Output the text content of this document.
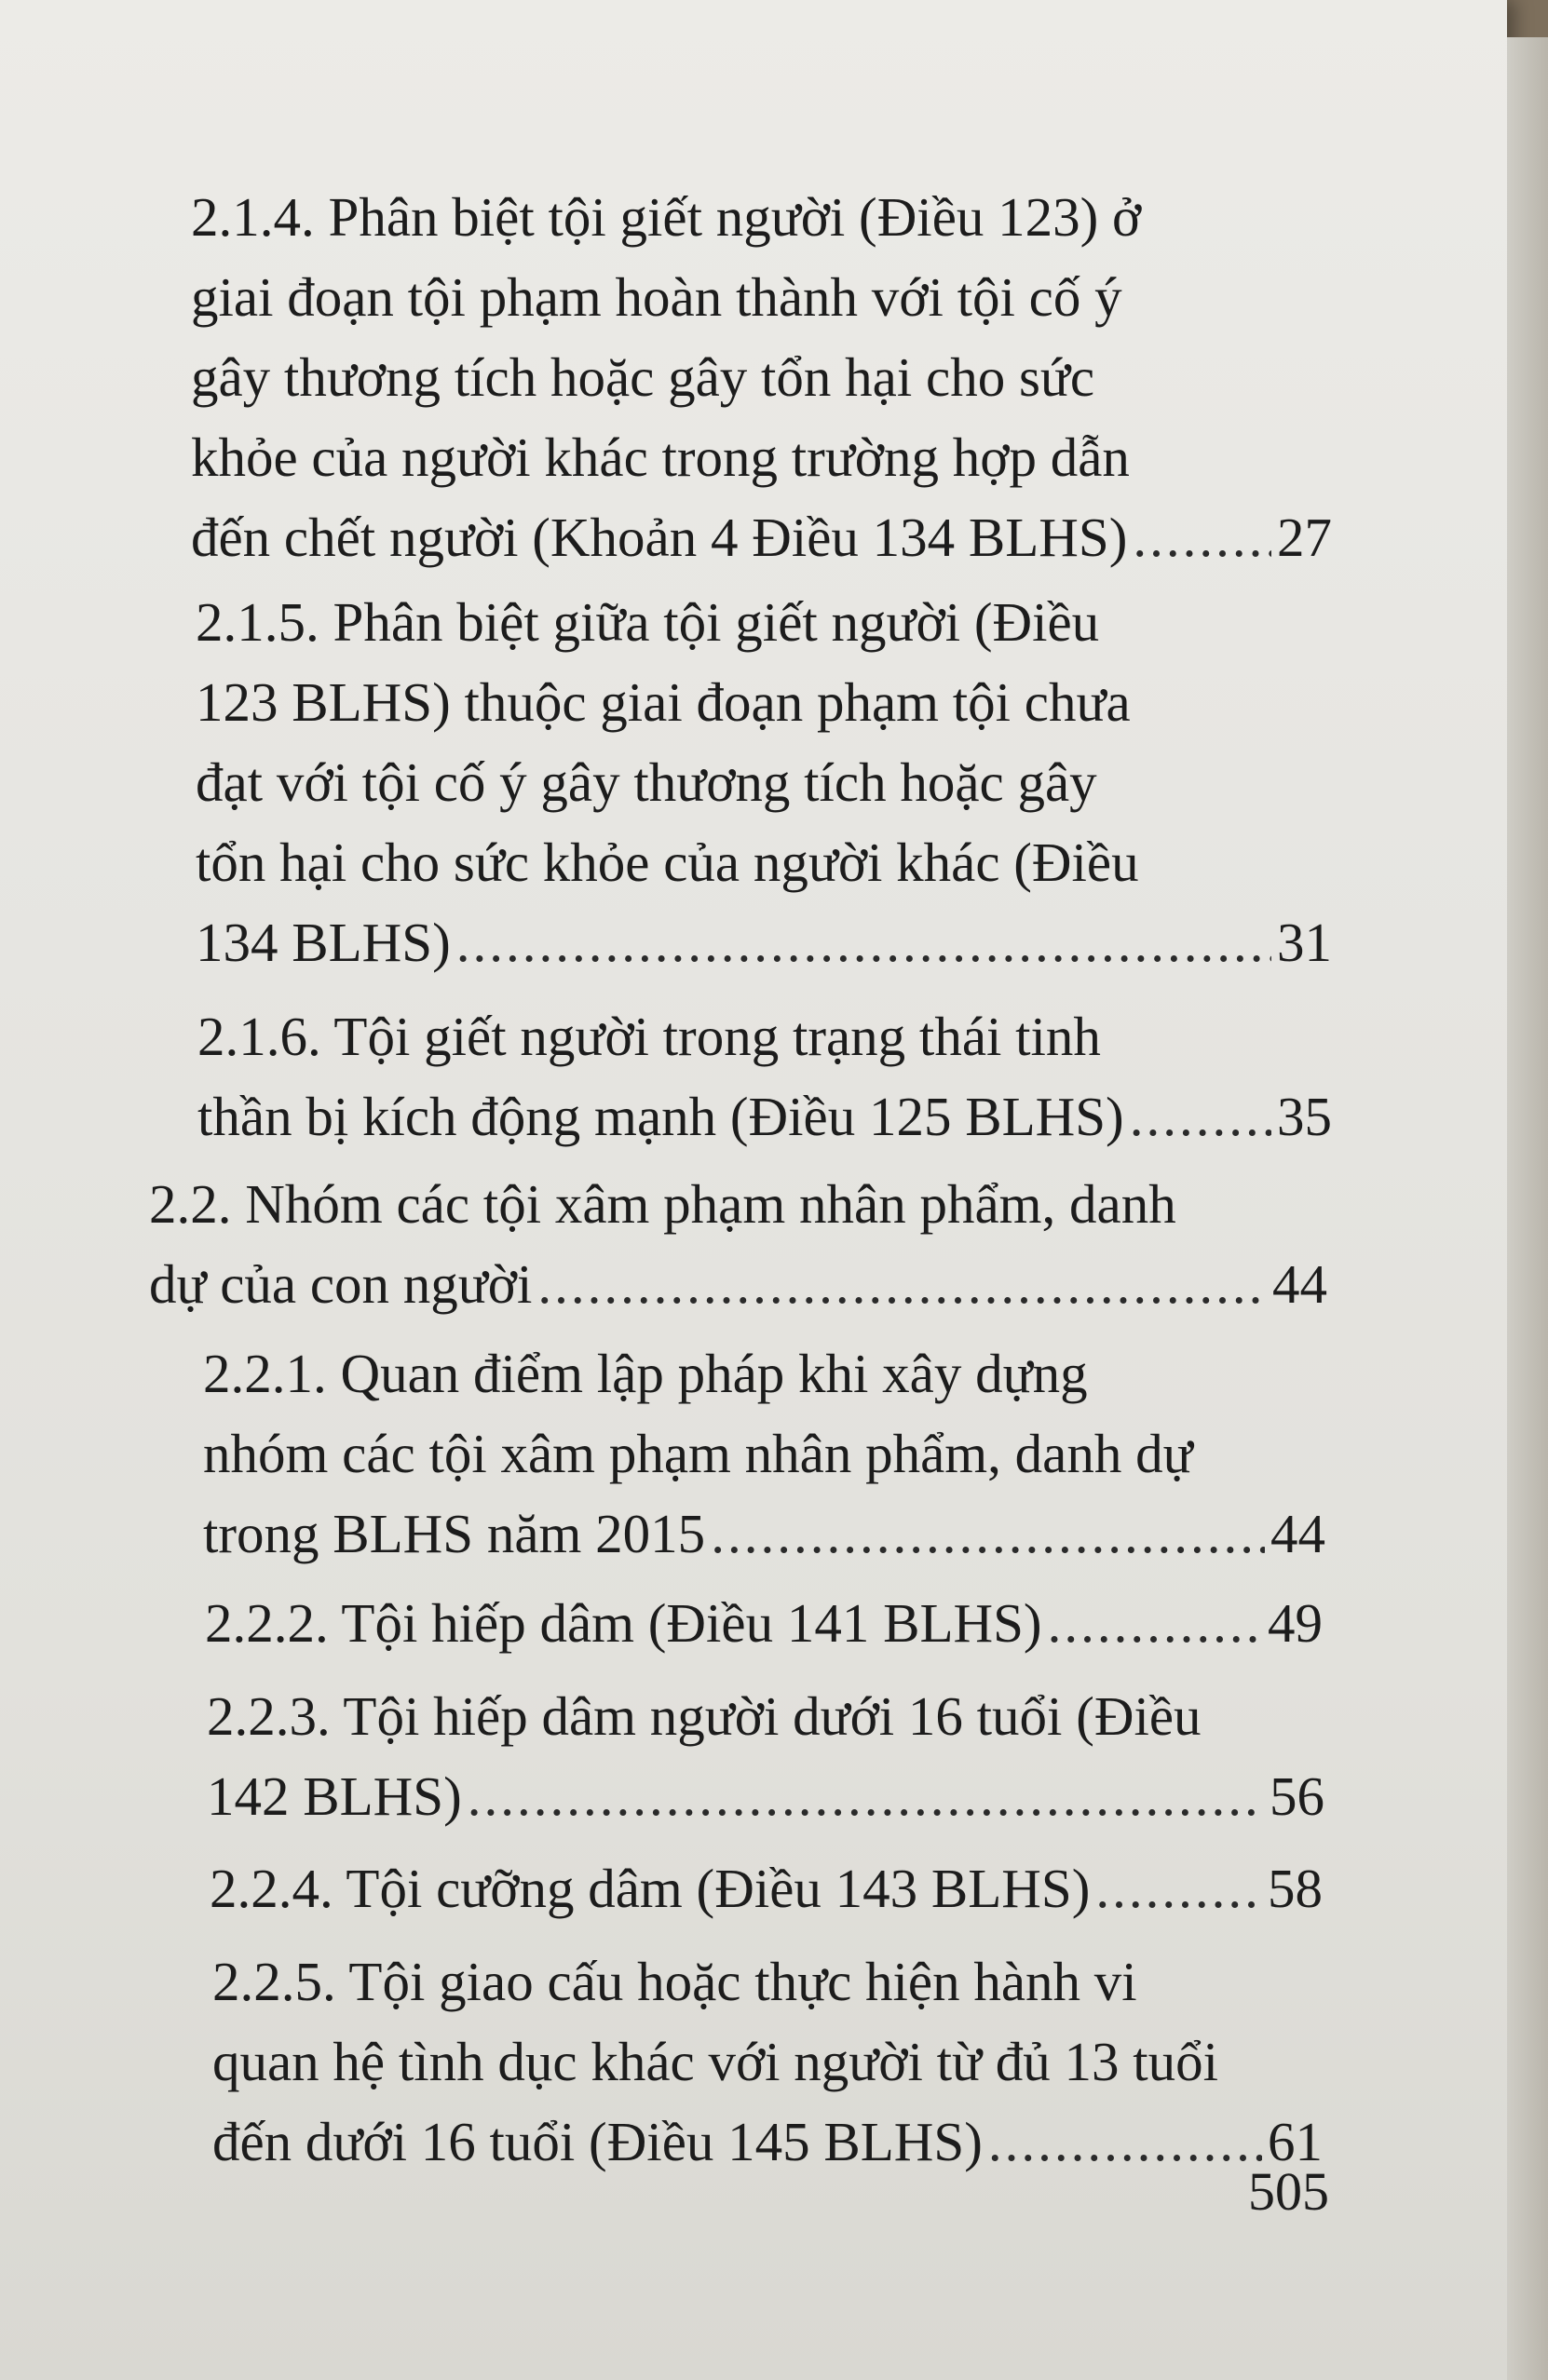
2.1.4. Phân biệt tội giết người (Điều 123) ở
giai đoạn tội phạm hoàn thành với tội cố ý
gây thương tích hoặc gây tổn hại cho sức
khỏe của người khác trong trường hợp dẫn
đến chết người (Khoản 4 Điều 134 BLHS) .....	27
2.1.5. Phân biệt giữa tội giết người (Điều
123 BLHS) thuộc giai đoạn phạm tội chưa
đạt với tội cố ý gây thương tích hoặc gây
tổn hại cho sức khỏe của người khác (Điều
134 BLHS) .....	31
2.1.6. Tội giết người trong trạng thái tinh
thần bị kích động mạnh (Điều 125 BLHS) .....	35
2.2. Nhóm các tội xâm phạm nhân phẩm, danh
dự của con người .....	44
2.2.1. Quan điểm lập pháp khi xây dựng
nhóm các tội xâm phạm nhân phẩm, danh dự
trong BLHS năm 2015 .....	44
2.2.2. Tội hiếp dâm (Điều 141 BLHS) .....	49
2.2.3. Tội hiếp dâm người dưới 16 tuổi (Điều
142 BLHS) .....	56
2.2.4. Tội cưỡng dâm (Điều 143 BLHS) .....	58
2.2.5. Tội giao cấu hoặc thực hiện hành vi
quan hệ tình dục khác với người từ đủ 13 tuổi
đến dưới 16 tuổi (Điều 145 BLHS) .....	61
505
